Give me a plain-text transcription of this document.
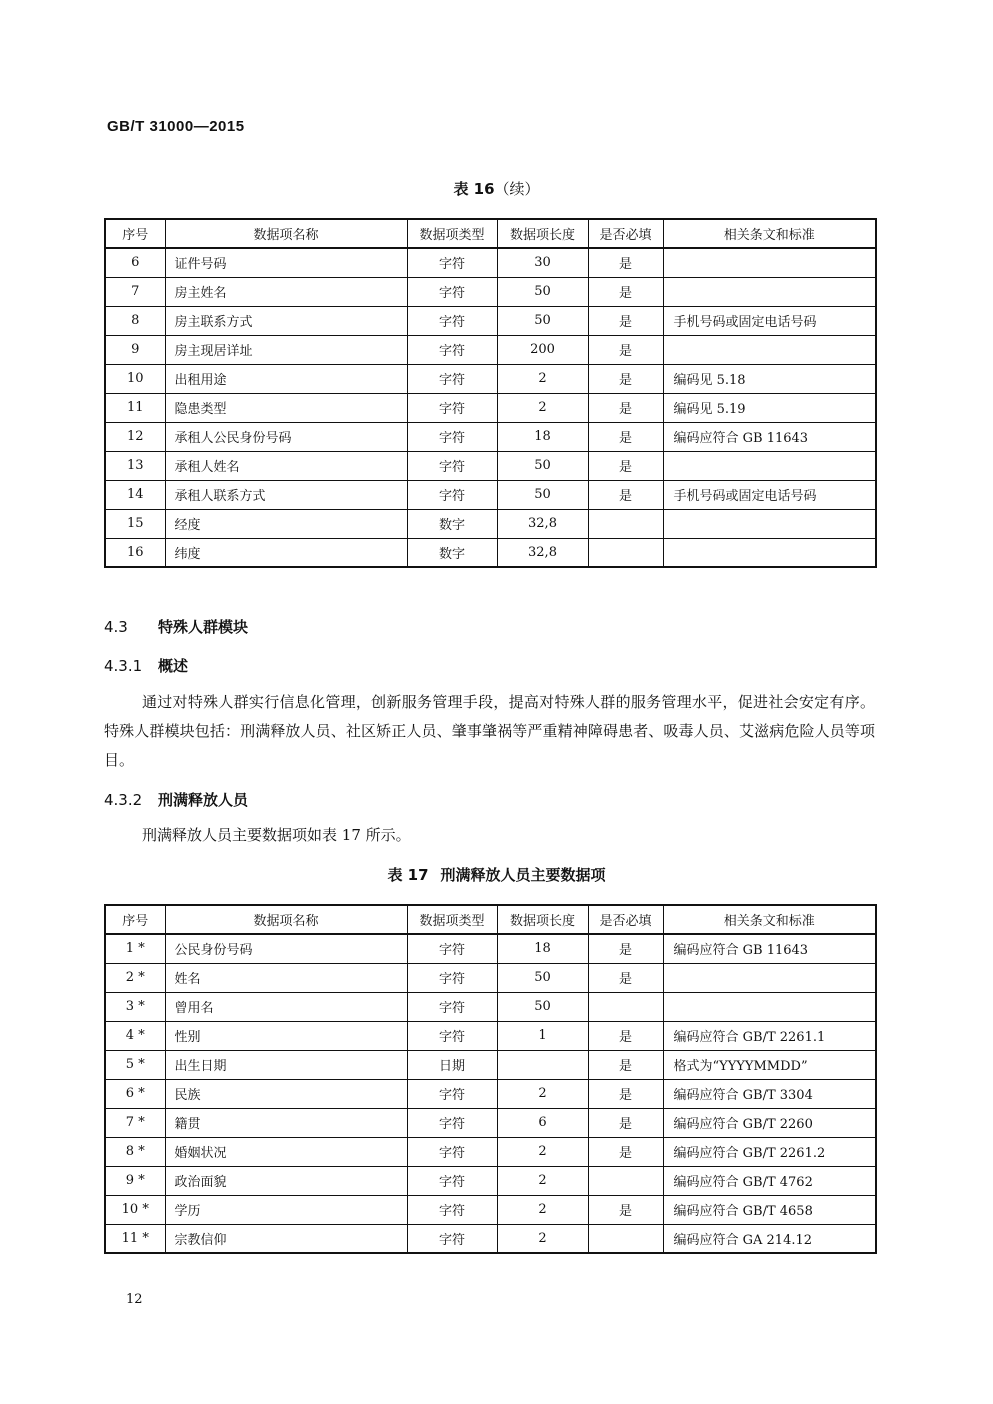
GB/T 31000—2015
表 16（续）
序号	数据项名称	数据项类型	数据项长度	是否必填	相关条文和标准
6	证件号码	字符	30	是	
7	房主姓名	字符	50	是	
8	房主联系方式	字符	50	是	手机号码或固定电话号码
9	房主现居详址	字符	200	是	
10	出租用途	字符	2	是	编码见 5.18
11	隐患类型	字符	2	是	编码见 5.19
12	承租人公民身份号码	字符	18	是	编码应符合 GB 11643
13	承租人姓名	字符	50	是	
14	承租人联系方式	字符	50	是	手机号码或固定电话号码
15	经度	数字	32,8		
16	纬度	数字	32,8		
4.3 特殊人群模块
4.3.1 概述
通过对特殊人群实行信息化管理，创新服务管理手段，提高对特殊人群的服务管理水平，促进社会安定有序。特殊人群模块包括：刑满释放人员、社区矫正人员、肇事肇祸等严重精神障碍患者、吸毒人员、艾滋病危险人员等项目。
4.3.2 刑满释放人员
刑满释放人员主要数据项如表 17 所示。
表 17 刑满释放人员主要数据项
序号	数据项名称	数据项类型	数据项长度	是否必填	相关条文和标准
1 *	公民身份号码	字符	18	是	编码应符合 GB 11643
2 *	姓名	字符	50	是	
3 *	曾用名	字符	50		
4 *	性别	字符	1	是	编码应符合 GB/T 2261.1
5 *	出生日期	日期		是	格式为“YYYYMMDD”
6 *	民族	字符	2	是	编码应符合 GB/T 3304
7 *	籍贯	字符	6	是	编码应符合 GB/T 2260
8 *	婚姻状况	字符	2	是	编码应符合 GB/T 2261.2
9 *	政治面貌	字符	2		编码应符合 GB/T 4762
10 *	学历	字符	2	是	编码应符合 GB/T 4658
11 *	宗教信仰	字符	2		编码应符合 GA 214.12
12
